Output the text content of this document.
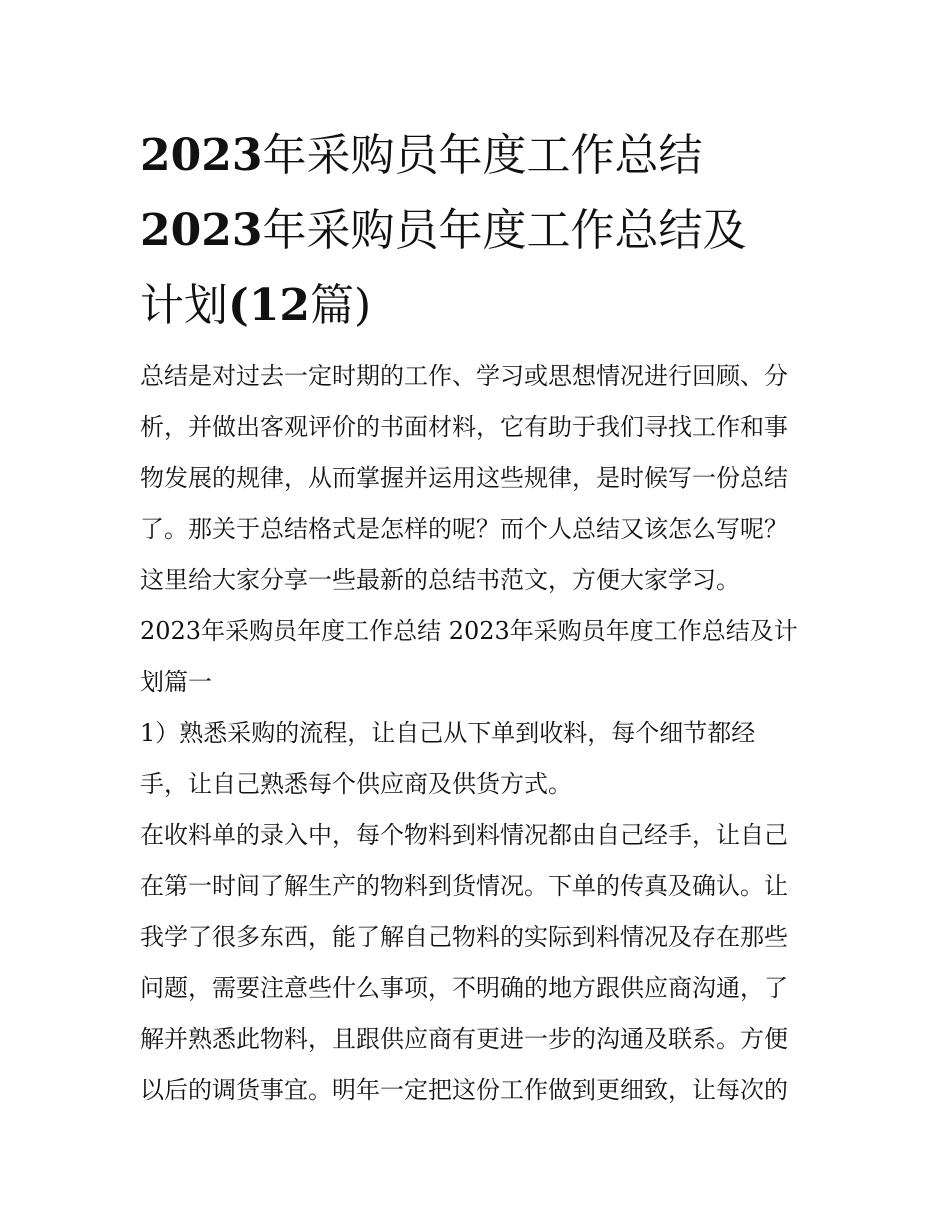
2023年采购员年度工作总结
2023年采购员年度工作总结及
计划(12篇)

总结是对过去一定时期的工作、学习或思想情况进行回顾、分
析，并做出客观评价的书面材料，它有助于我们寻找工作和事
物发展的规律，从而掌握并运用这些规律，是时候写一份总结
了。那关于总结格式是怎样的呢？而个人总结又该怎么写呢？
这里给大家分享一些最新的总结书范文，方便大家学习。

2023年采购员年度工作总结 2023年采购员年度工作总结及计
划篇一

1）熟悉采购的流程，让自己从下单到收料，每个细节都经
手，让自己熟悉每个供应商及供货方式。

在收料单的录入中，每个物料到料情况都由自己经手，让自己
在第一时间了解生产的物料到货情况。下单的传真及确认。让
我学了很多东西，能了解自己物料的实际到料情况及存在那些
问题，需要注意些什么事项，不明确的地方跟供应商沟通，了
解并熟悉此物料，且跟供应商有更进一步的沟通及联系。方便
以后的调货事宜。明年一定把这份工作做到更细致，让每次的
